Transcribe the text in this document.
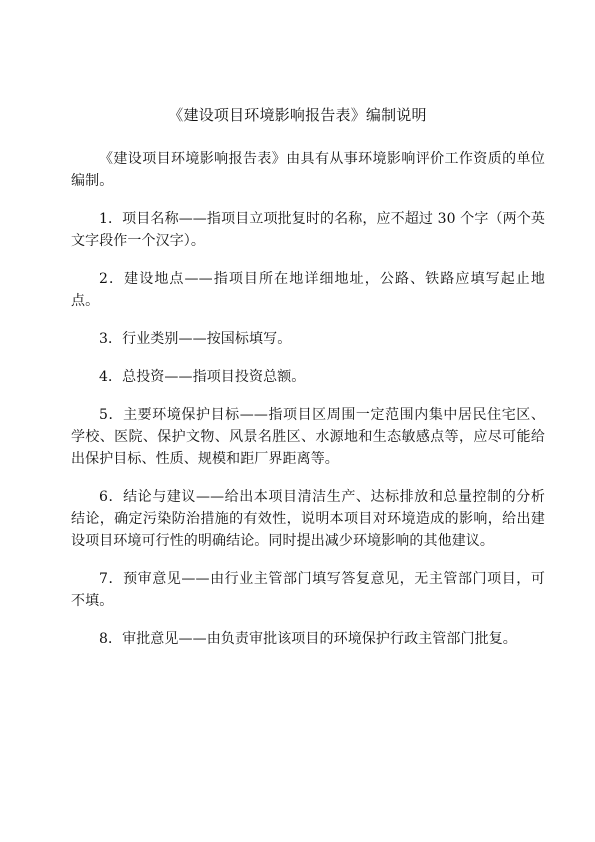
《建设项目环境影响报告表》编制说明

《建设项目环境影响报告表》由具有从事环境影响评价工作资质的单位编制。

1．项目名称——指项目立项批复时的名称，应不超过 30 个字（两个英文字段作一个汉字）。

2．建设地点——指项目所在地详细地址，公路、铁路应填写起止地点。

3．行业类别——按国标填写。

4．总投资——指项目投资总额。

5．主要环境保护目标——指项目区周围一定范围内集中居民住宅区、学校、医院、保护文物、风景名胜区、水源地和生态敏感点等，应尽可能给出保护目标、性质、规模和距厂界距离等。

6．结论与建议——给出本项目清洁生产、达标排放和总量控制的分析结论，确定污染防治措施的有效性，说明本项目对环境造成的影响，给出建设项目环境可行性的明确结论。同时提出减少环境影响的其他建议。

7．预审意见——由行业主管部门填写答复意见，无主管部门项目，可不填。

8．审批意见——由负责审批该项目的环境保护行政主管部门批复。
